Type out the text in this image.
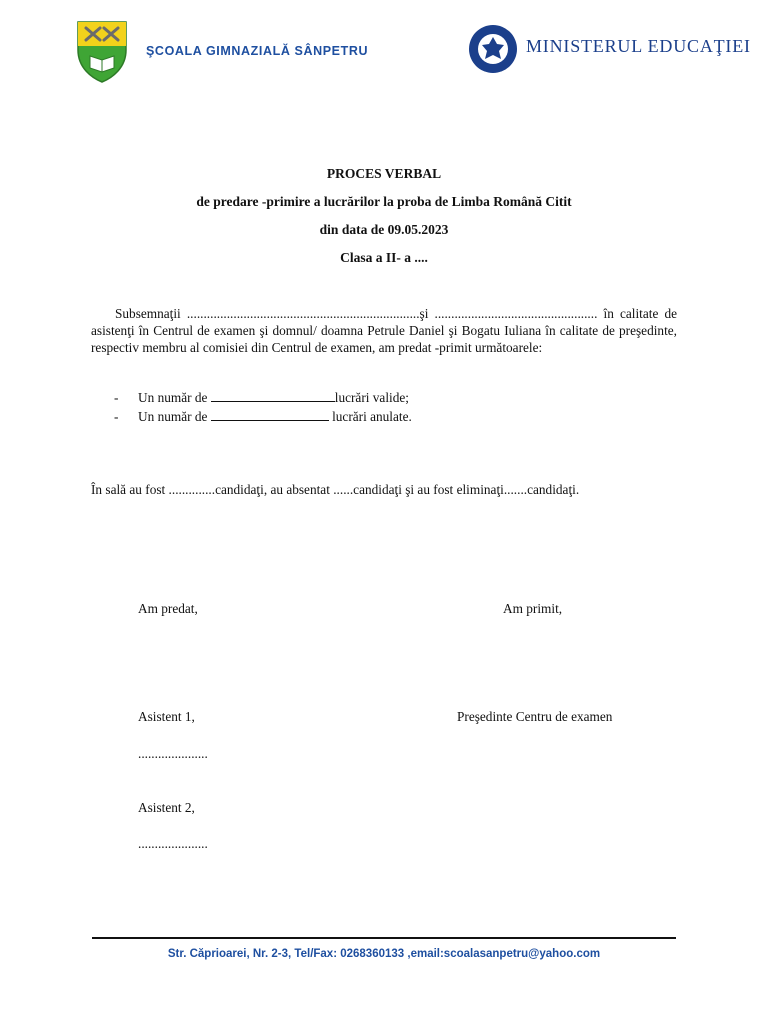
ŞCOALA GIMNAZIALĂ SÂNPETRU	MINISTERUL EDUCAŢIEI
PROCES VERBAL
de predare -primire a lucrărilor la proba de Limba Română Citit
din data de 09.05.2023
Clasa a II- a ....
Subsemnaţii ......................................................................şi ................................................. în calitate de asistenţi în Centrul de examen şi domnul/ doamna Petrule Daniel şi Bogatu Iuliana în calitate de preşedinte, respectiv membru al comisiei din Centrul de examen, am predat -primit următoarele:
- Un număr de	lucrări valide;
- Un număr de	lucrări anulate.
În sală au fost ..............candidaţi, au absentat ......candidaţi şi au fost eliminaţi.......candidaţi.
Am predat,	Am primit,
Asistent 1,	Preşedinte Centru de examen
.....................
Asistent 2,
.....................
Str. Căprioarei, Nr. 2-3, Tel/Fax: 0268360133 ,email:scoalasanpetru@yahoo.com
